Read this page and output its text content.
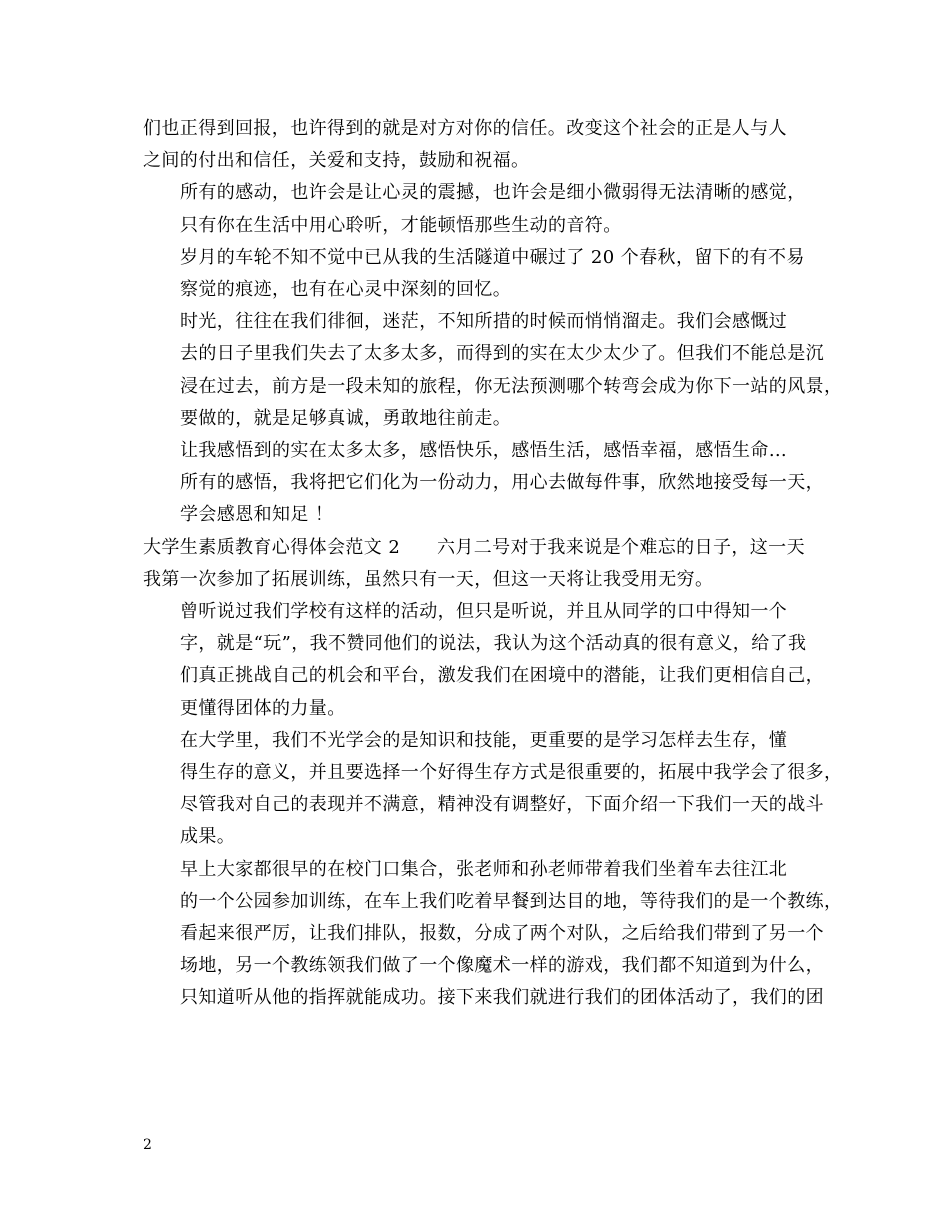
们也正得到回报，也许得到的就是对方对你的信任。改变这个社会的正是人与人
之间的付出和信任，关爱和支持，鼓励和祝福。

所有的感动，也许会是让心灵的震撼，也许会是细小微弱得无法清晰的感觉，
只有你在生活中用心聆听，才能顿悟那些生动的音符。

岁月的车轮不知不觉中已从我的生活隧道中碾过了 20 个春秋，留下的有不易
察觉的痕迹，也有在心灵中深刻的回忆。

时光，往往在我们徘徊，迷茫，不知所措的时候而悄悄溜走。我们会感慨过
去的日子里我们失去了太多太多，而得到的实在太少太少了。但我们不能总是沉
浸在过去，前方是一段未知的旅程，你无法预测哪个转弯会成为你下一站的风景，
要做的，就是足够真诚，勇敢地往前走。

让我感悟到的实在太多太多，感悟快乐，感悟生活，感悟幸福，感悟生命…
所有的感悟，我将把它们化为一份动力，用心去做每件事，欣然地接受每一天，
学会感恩和知足 ！

大学生素质教育心得体会范文 2　　六月二号对于我来说是个难忘的日子，这一天
我第一次参加了拓展训练，虽然只有一天，但这一天将让我受用无穷。

曾听说过我们学校有这样的活动，但只是听说，并且从同学的口中得知一个
字，就是“玩”，我不赞同他们的说法，我认为这个活动真的很有意义，给了我
们真正挑战自己的机会和平台，激发我们在困境中的潜能，让我们更相信自己，
更懂得团体的力量。

在大学里，我们不光学会的是知识和技能，更重要的是学习怎样去生存，懂
得生存的意义，并且要选择一个好得生存方式是很重要的，拓展中我学会了很多，
尽管我对自己的表现并不满意，精神没有调整好，下面介绍一下我们一天的战斗
成果。

早上大家都很早的在校门口集合，张老师和孙老师带着我们坐着车去往江北
的一个公园参加训练，在车上我们吃着早餐到达目的地，等待我们的是一个教练，
看起来很严厉，让我们排队，报数，分成了两个对队，之后给我们带到了另一个
场地，另一个教练领我们做了一个像魔术一样的游戏，我们都不知道到为什么，
只知道听从他的指挥就能成功。接下来我们就进行我们的团体活动了，我们的团

2
